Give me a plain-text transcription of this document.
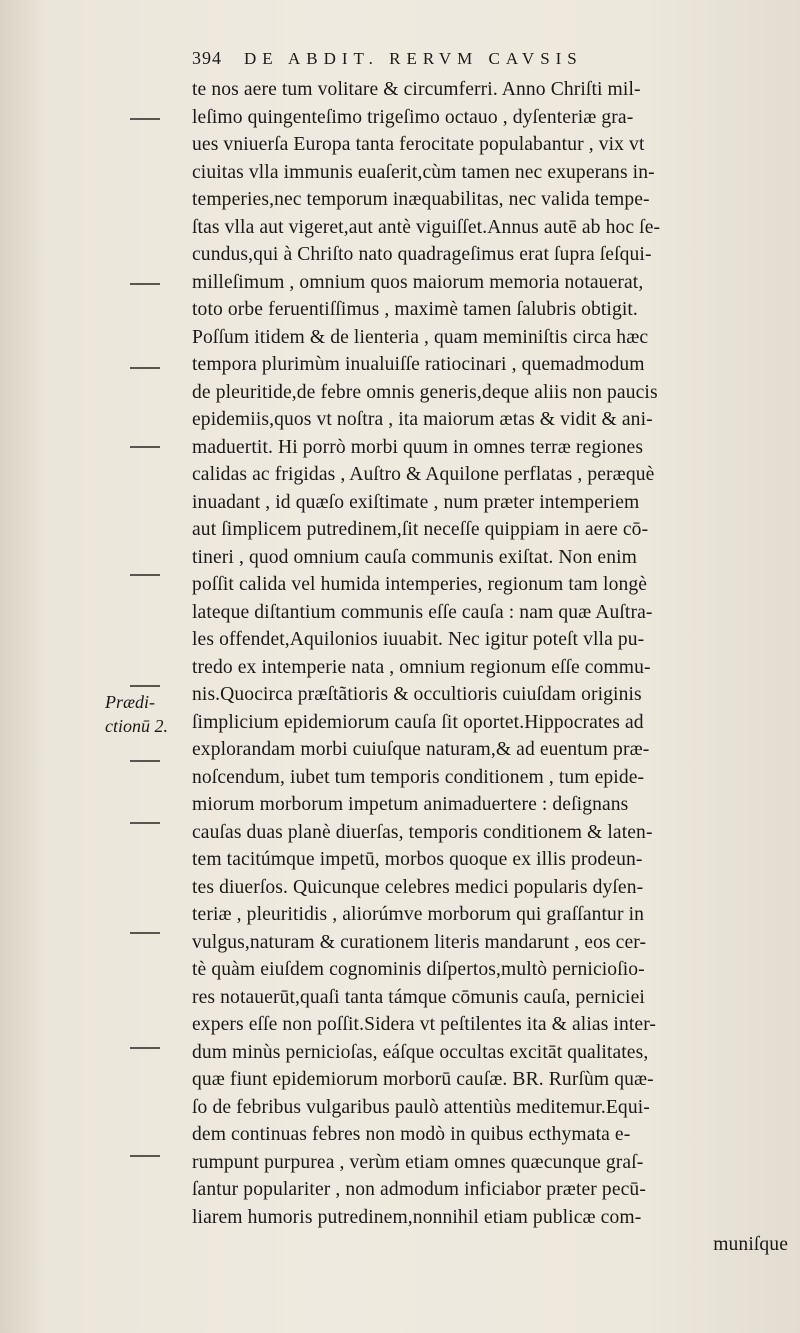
394 DE ABDIT. RERVM CAVSIS
Prædi-
ctionū 2.
te nos aere tum volitare & circumferri. Anno Chriſti mil-
leſimo quingenteſimo trigeſimo octauo , dyſenteriæ gra-
ues vniuerſa Europa tanta ferocitate populabantur , vix vt
ciuitas vlla immunis euaſerit,cùm tamen nec exuperans in-
temperies,nec temporum inæquabilitas, nec valida tempe-
ſtas vlla aut vigeret,aut antè viguiſſet.Annus autē ab hoc ſe-
cundus,qui à Chriſto nato quadrageſimus erat ſupra ſeſqui-
milleſimum , omnium quos maiorum memoria notauerat,
toto orbe feruentiſſimus , maximè tamen ſalubris obtigit.
Poſſum itidem & de lienteria , quam meminiſtis circa hæc
tempora plurimùm inualuiſſe ratiocinari , quemadmodum
de pleuritide,de febre omnis generis,deque aliis non paucis
epidemiis,quos vt noſtra , ita maiorum ætas & vidit & ani-
maduertit. Hi porrò morbi quum in omnes terræ regiones
calidas ac frigidas , Auſtro & Aquilone perflatas , peræquè
inuadant , id quæſo exiſtimate , num præter intemperiem
aut ſimplicem putredinem,ſit neceſſe quippiam in aere cō-
tineri , quod omnium cauſa communis exiſtat. Non enim
poſſit calida vel humida intemperies, regionum tam longè
lateque diſtantium communis eſſe cauſa : nam quæ Auſtra-
les offendet,Aquilonios iuuabit. Nec igitur poteſt vlla pu-
tredo ex intemperie nata , omnium regionum eſſe commu-
nis.Quocirca præſtãtioris & occultioris cuiuſdam originis
ſimplicium epidemiorum cauſa ſit oportet.Hippocrates ad
explorandam morbi cuiuſque naturam,& ad euentum præ-
noſcendum, iubet tum temporis conditionem , tum epide-
miorum morborum impetum animaduertere : deſignans
cauſas duas planè diuerſas, temporis conditionem & laten-
tem tacitúmque impetū, morbos quoque ex illis prodeun-
tes diuerſos. Quicunque celebres medici popularis dyſen-
teriæ , pleuritidis , aliorúmve morborum qui graſſantur in
vulgus,naturam & curationem literis mandarunt , eos cer-
tè quàm eiuſdem cognominis diſpertos,multò pernicioſio-
res notauerūt,quaſi tanta támque cōmunis cauſa, perniciei
expers eſſe non poſſit.Sidera vt peſtilentes ita & alias inter-
dum minùs pernicioſas, eáſque occultas excitāt qualitates,
quæ fiunt epidemiorum morborū cauſæ. BR. Rurſùm quæ-
ſo de febribus vulgaribus paulò attentiùs meditemur.Equi-
dem continuas febres non modò in quibus ecthymata e-
rumpunt purpurea , verùm etiam omnes quæcunque graſ-
ſantur populariter , non admodum inficiabor præter pecū-
liarem humoris putredinem,nonnihil etiam publicæ com-
muniſque
